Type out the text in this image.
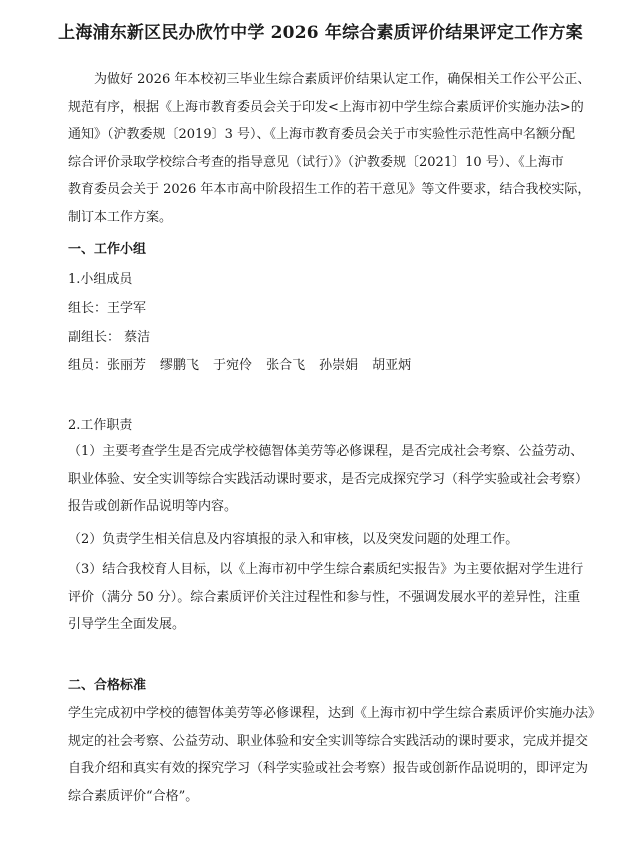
上海浦东新区民办欣竹中学 2026 年综合素质评价结果评定工作方案

为做好 2026 年本校初三毕业生综合素质评价结果认定工作，确保相关工作公平公正、
规范有序，根据《上海市教育委员会关于印发<上海市初中学生综合素质评价实施办法>的
通知》（沪教委规〔2019〕3 号）、《上海市教育委员会关于市实验性示范性高中名额分配
综合评价录取学校综合考查的指导意见（试行）》（沪教委规〔2021〕10 号）、《上海市
教育委员会关于 2026 年本市高中阶段招生工作的若干意见》等文件要求，结合我校实际，
制订本工作方案。

一、工作小组
1.小组成员
组长：王学军
副组长： 蔡洁
组员：张丽芳 缪鹏飞 于宛伶 张合飞 孙崇娟 胡亚炳
2.工作职责

（1）主要考查学生是否完成学校德智体美劳等必修课程，是否完成社会考察、公益劳动、
职业体验、安全实训等综合实践活动课时要求，是否完成探究学习（科学实验或社会考察）
报告或创新作品说明等内容。

（2）负责学生相关信息及内容填报的录入和审核，以及突发问题的处理工作。

（3）结合我校育人目标，以《上海市初中学生综合素质纪实报告》为主要依据对学生进行
评价（满分 50 分）。综合素质评价关注过程性和参与性，不强调发展水平的差异性，注重
引导学生全面发展。

二、合格标准

学生完成初中学校的德智体美劳等必修课程，达到《上海市初中学生综合素质评价实施办法》
规定的社会考察、公益劳动、职业体验和安全实训等综合实践活动的课时要求，完成并提交
自我介绍和真实有效的探究学习（科学实验或社会考察）报告或创新作品说明的，即评定为
综合素质评价“合格”。
